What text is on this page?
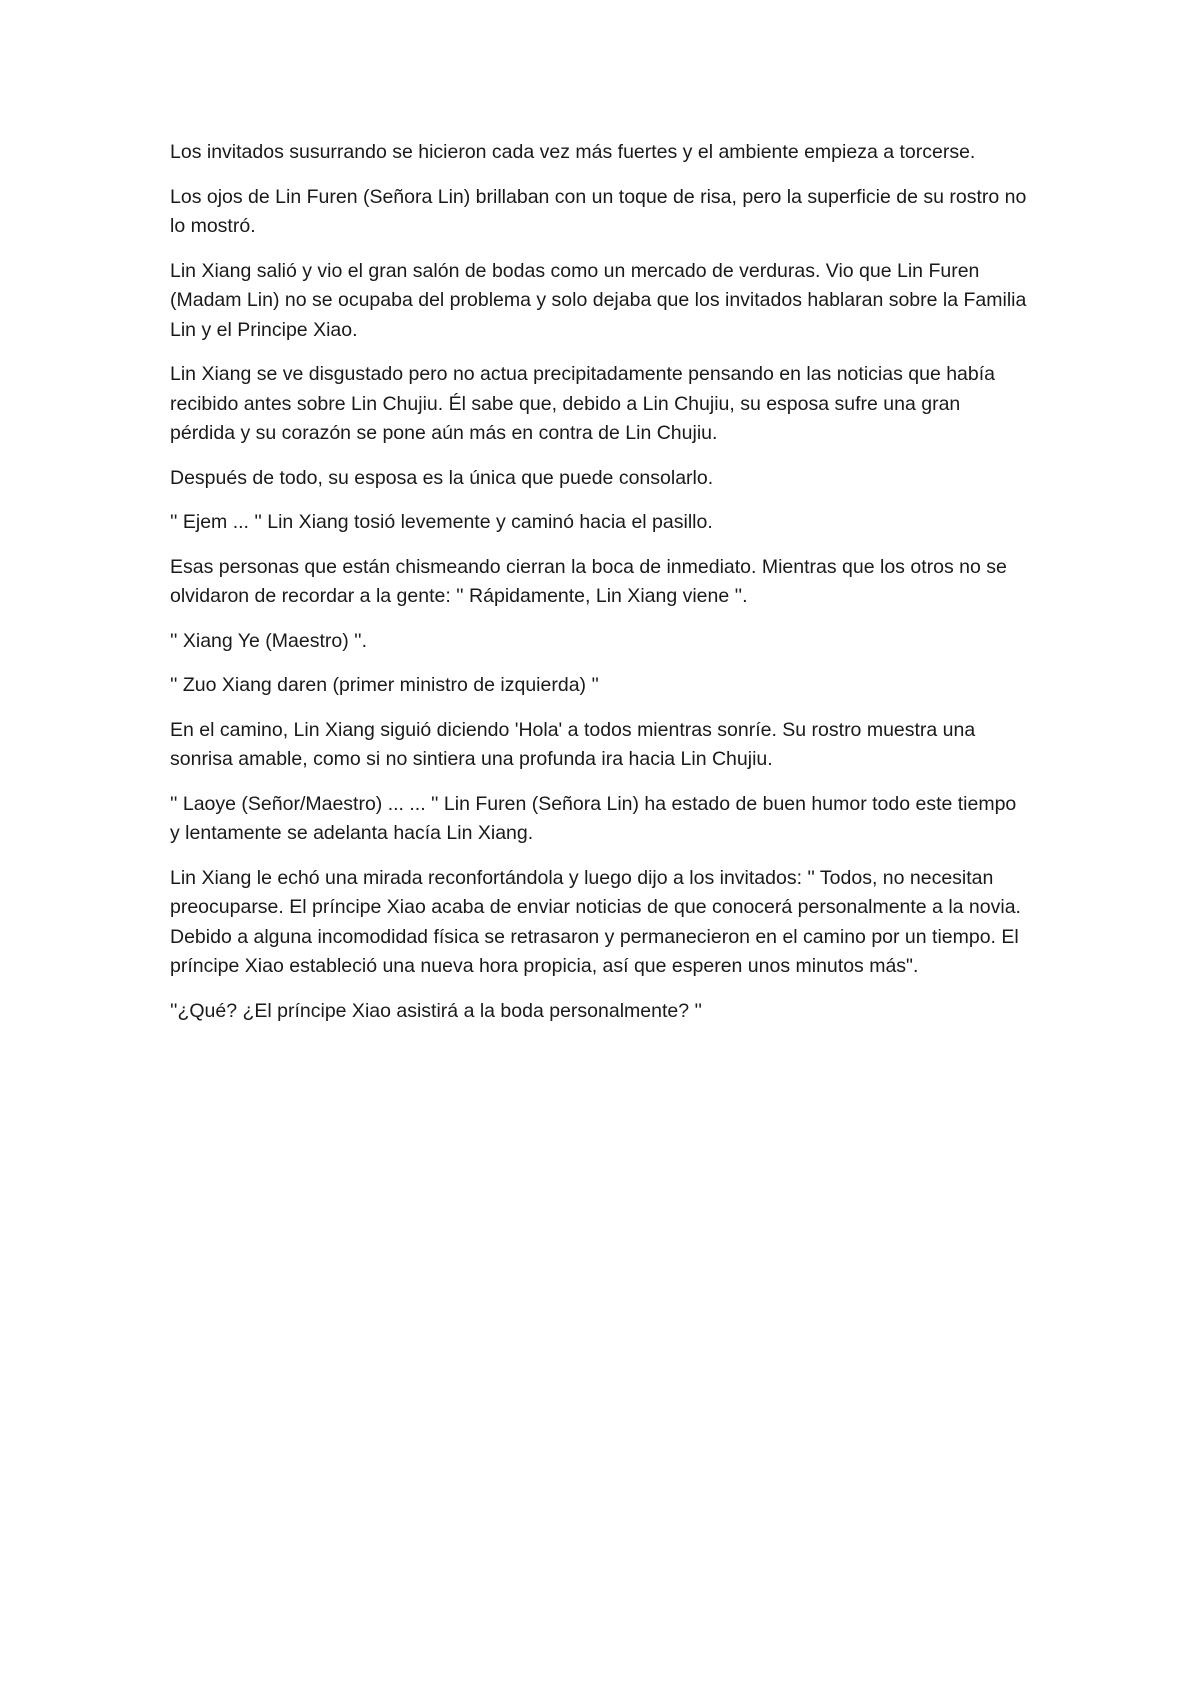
Los invitados susurrando se hicieron cada vez más fuertes y el ambiente empieza a torcerse.

Los ojos de Lin Furen (Señora Lin) brillaban con un toque de risa, pero la superficie de su rostro no lo mostró.

Lin Xiang salió y vio el gran salón de bodas como un mercado de verduras. Vio que Lin Furen (Madam Lin) no se ocupaba del problema y solo dejaba que los invitados hablaran sobre la Familia Lin y el Principe Xiao.

Lin Xiang se ve disgustado pero no actua precipitadamente pensando en las noticias que había recibido antes sobre Lin Chujiu. Él sabe que, debido a Lin Chujiu, su esposa sufre una gran pérdida y su corazón se pone aún más en contra de Lin Chujiu.

Después de todo, su esposa es la única que puede consolarlo.

'' Ejem ... '' Lin Xiang tosió levemente y caminó hacia el pasillo.

Esas personas que están chismeando cierran la boca de inmediato. Mientras que los otros no se olvidaron de recordar a la gente: '' Rápidamente, Lin Xiang viene ''.

'' Xiang Ye (Maestro) ''.

'' Zuo Xiang daren (primer ministro de izquierda) ''

En el camino, Lin Xiang siguió diciendo 'Hola' a todos mientras sonríe. Su rostro muestra una sonrisa amable, como si no sintiera una profunda ira hacia Lin Chujiu.

'' Laoye (Señor/Maestro) ... ... '' Lin Furen (Señora Lin) ha estado de buen humor todo este tiempo y lentamente se adelanta hacía Lin Xiang.

Lin Xiang le echó una mirada reconfortándola y luego dijo a los invitados: '' Todos, no necesitan preocuparse. El príncipe Xiao acaba de enviar noticias de que conocerá personalmente a la novia. Debido a alguna incomodidad física se retrasaron y permanecieron en el camino por un tiempo. El príncipe Xiao estableció una nueva hora propicia, así que esperen unos minutos más".

''¿Qué? ¿El príncipe Xiao asistirá a la boda personalmente? ''
